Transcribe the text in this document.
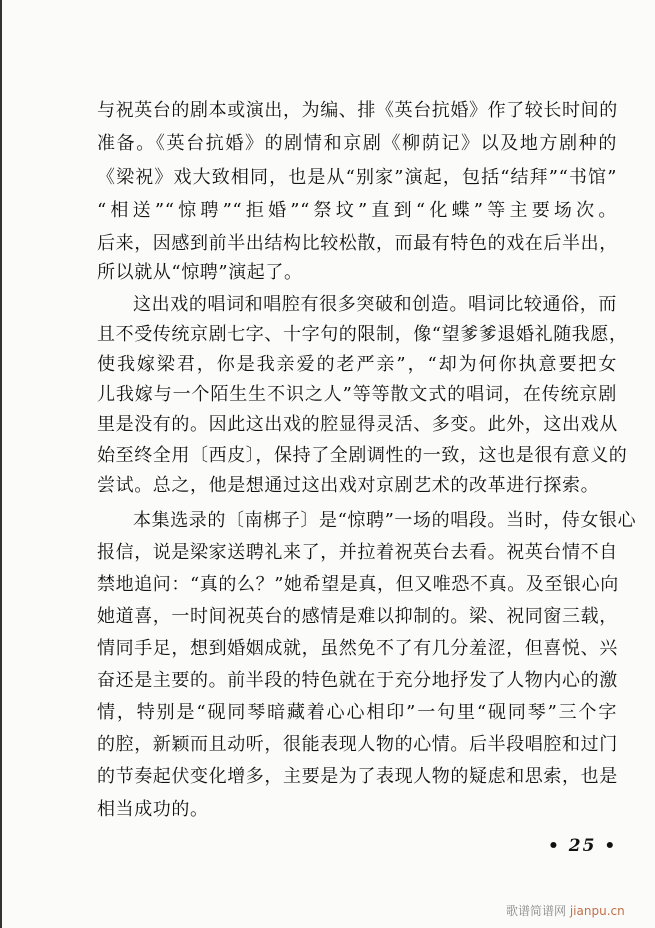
与祝英台的剧本或演出，为编、排《英台抗婚》作了较长时间的
准备。《英台抗婚》的剧情和京剧《柳荫记》以及地方剧种的
《梁祝》戏大致相同，也是从“别家”演起，包括“结拜”“书馆”
“相送”“惊聘”“拒婚”“祭坟”直到“化蝶”等主要场次。
后来，因感到前半出结构比较松散，而最有特色的戏在后半出，
所以就从“惊聘”演起了。
这出戏的唱词和唱腔有很多突破和创造。唱词比较通俗，而
且不受传统京剧七字、十字句的限制，像“望爹爹退婚礼随我愿，
使我嫁梁君，你是我亲爱的老严亲”，“却为何你执意要把女
儿我嫁与一个陌生生不识之人”等等散文式的唱词，在传统京剧
里是没有的。因此这出戏的腔显得灵活、多变。此外，这出戏从
始至终全用〔西皮〕，保持了全剧调性的一致，这也是很有意义的
尝试。总之，他是想通过这出戏对京剧艺术的改革进行探索。
本集选录的〔南梆子〕是“惊聘”一场的唱段。当时，侍女银心
报信，说是梁家送聘礼来了，并拉着祝英台去看。祝英台情不自
禁地追问：“真的么？”她希望是真，但又唯恐不真。及至银心向
她道喜，一时间祝英台的感情是难以抑制的。梁、祝同窗三载，
情同手足，想到婚姻成就，虽然免不了有几分羞涩，但喜悦、兴
奋还是主要的。前半段的特色就在于充分地抒发了人物内心的激
情，特别是“砚同琴暗藏着心心相印”一句里“砚同琴”三个字
的腔，新颖而且动听，很能表现人物的心情。后半段唱腔和过门
的节奏起伏变化增多，主要是为了表现人物的疑虑和思索，也是
相当成功的。
• 25 •
歌谱简谱网 jianpu.cn
